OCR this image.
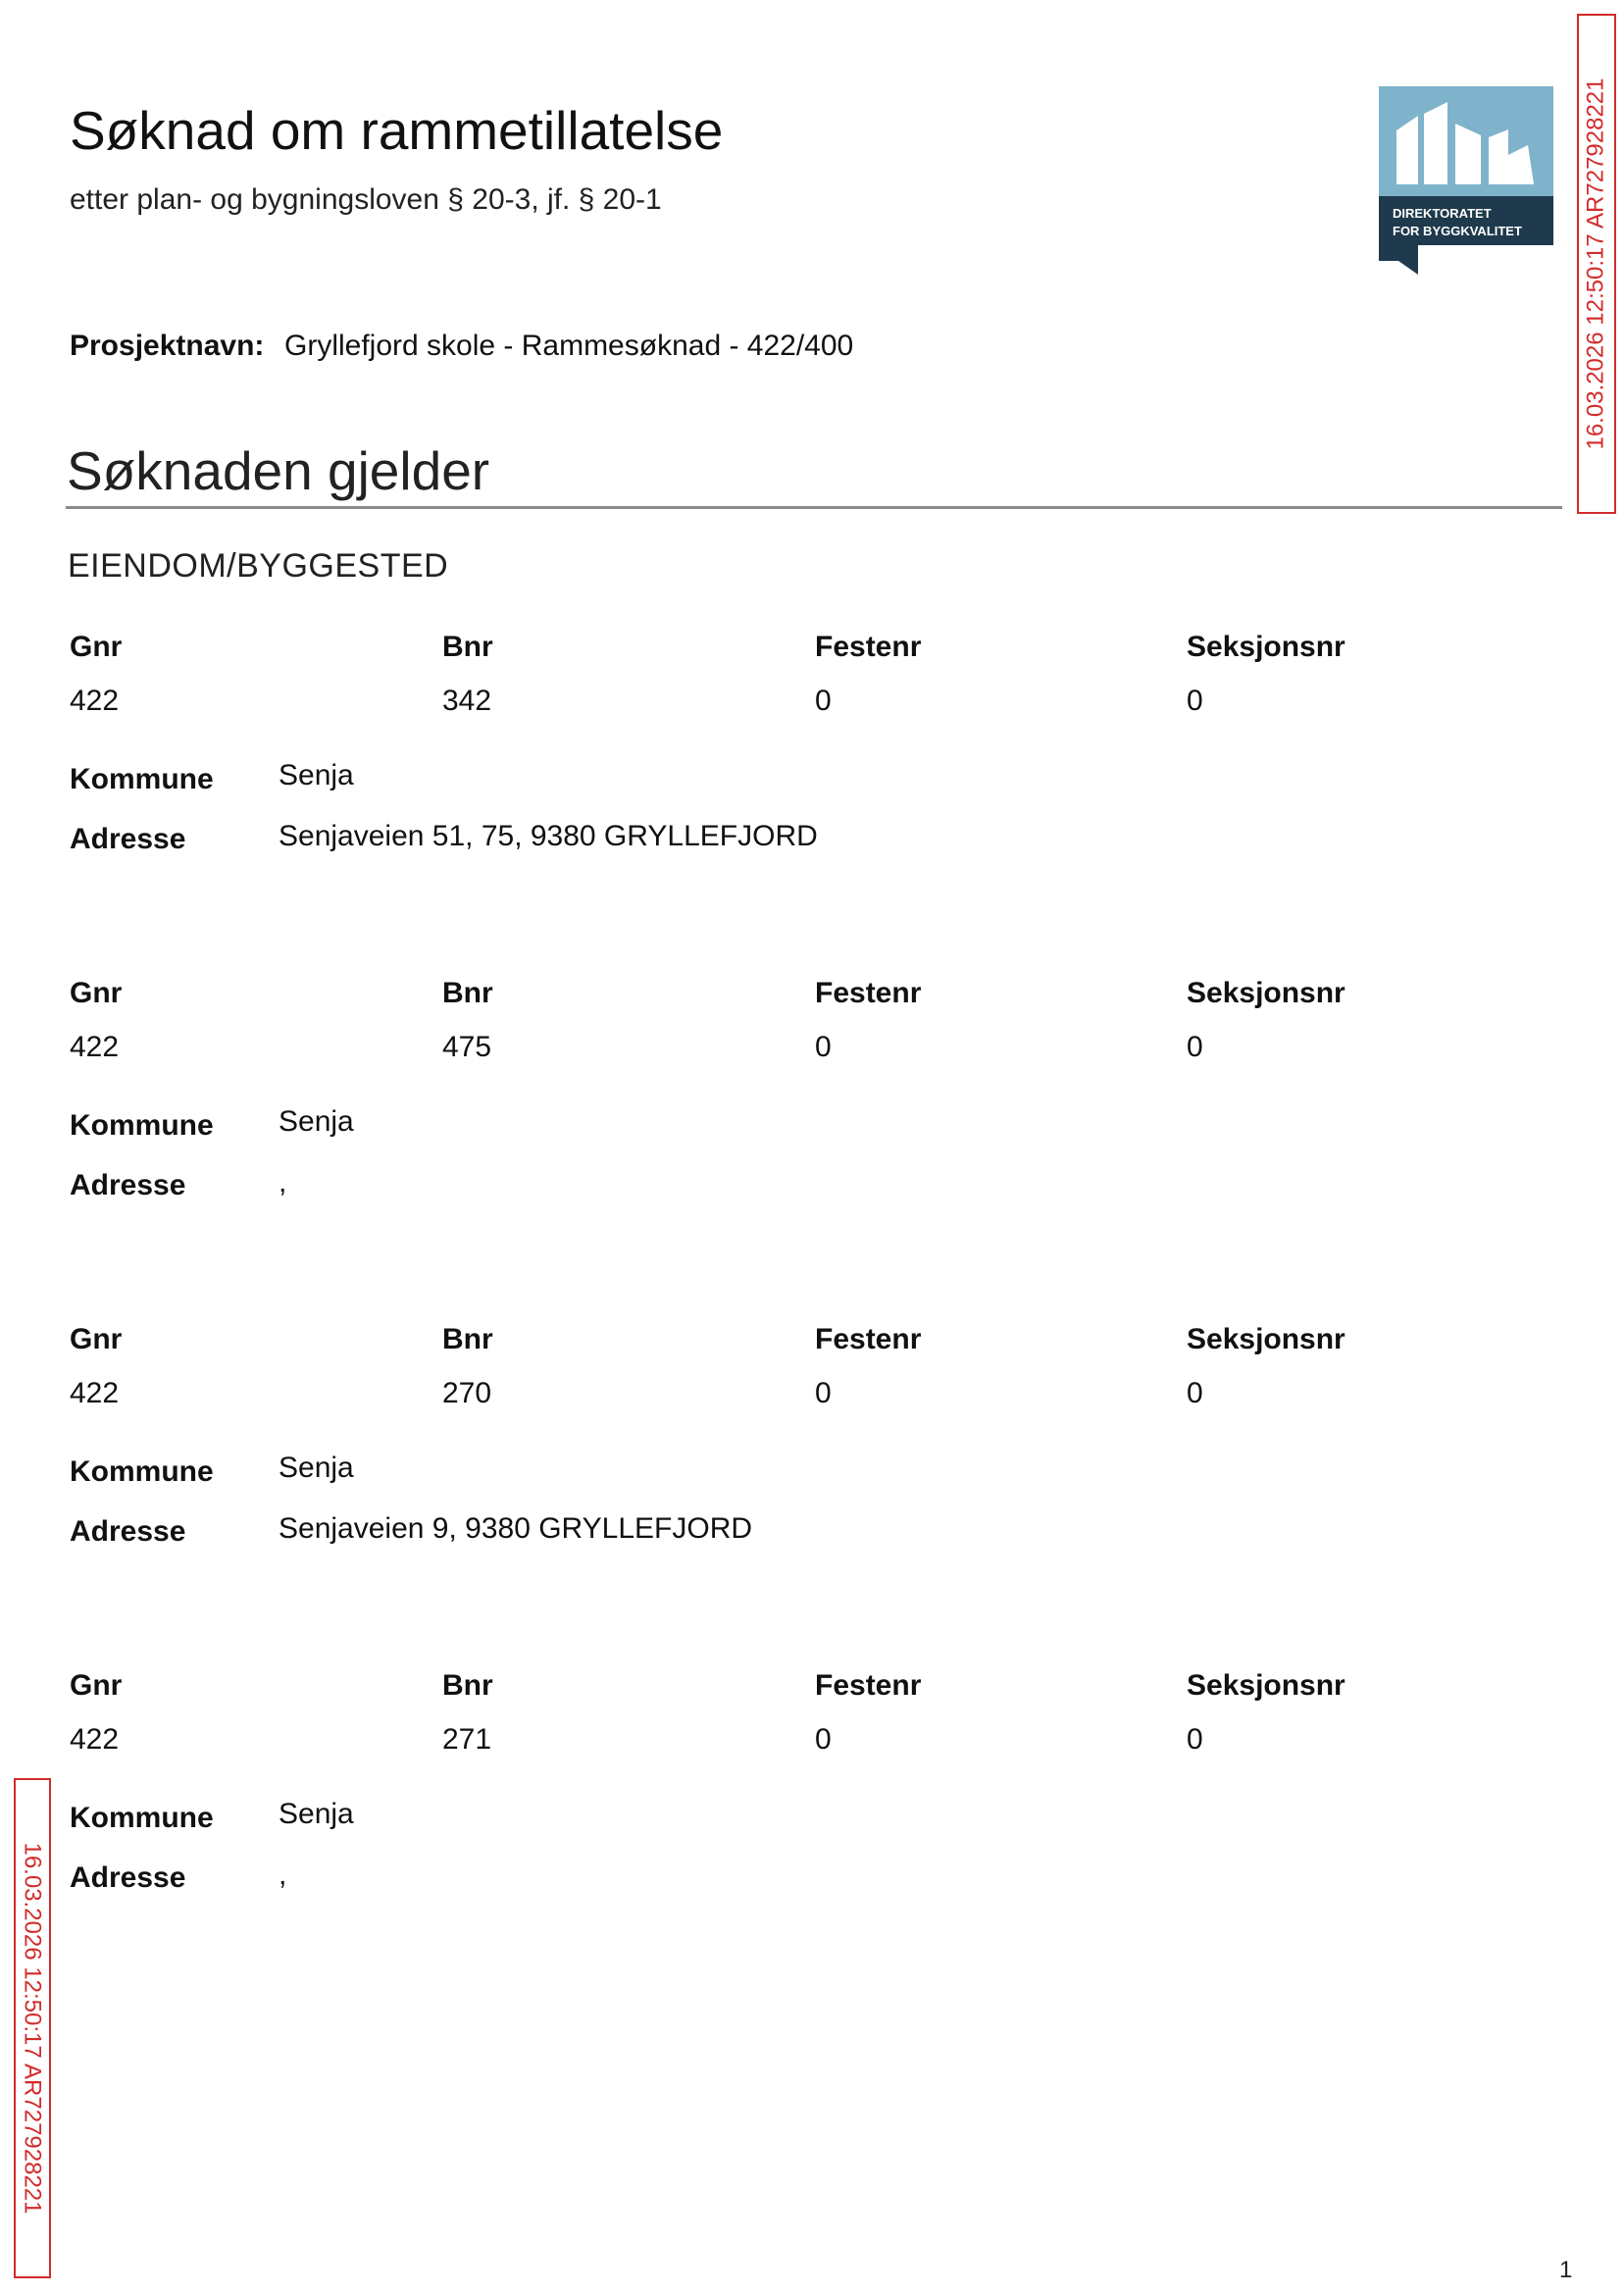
Søknad om rammetillatelse
etter plan- og bygningsloven § 20-3, jf. § 20-1	DIREKTORATET
FOR BYGGKVALITET
Prosjektnavn: Gryllefjord skole - Rammesøknad - 422/400
Søknaden gjelder
EIENDOM/BYGGESTED
Gnr	Bnr	Festenr	Seksjonsnr
422	342	0	0
Kommune Senja
Adresse	Senjaveien 51, 75, 9380 GRYLLEFJORD
Gnr	Bnr	Festenr	Seksjonsnr
422	475	0	0
Kommune Senja
Adresse	,
Gnr	Bnr	Festenr	Seksjonsnr
422	270	0	0
Kommune Senja
Adresse	Senjaveien 9, 9380 GRYLLEFJORD
Gnr	Bnr	Festenr	Seksjonsnr
422	271	0	0
Kommune Senja
Adresse	,
16.03.2026 12:50:17 AR727928221
16.03.2026 12:50:17 AR727928221
1
